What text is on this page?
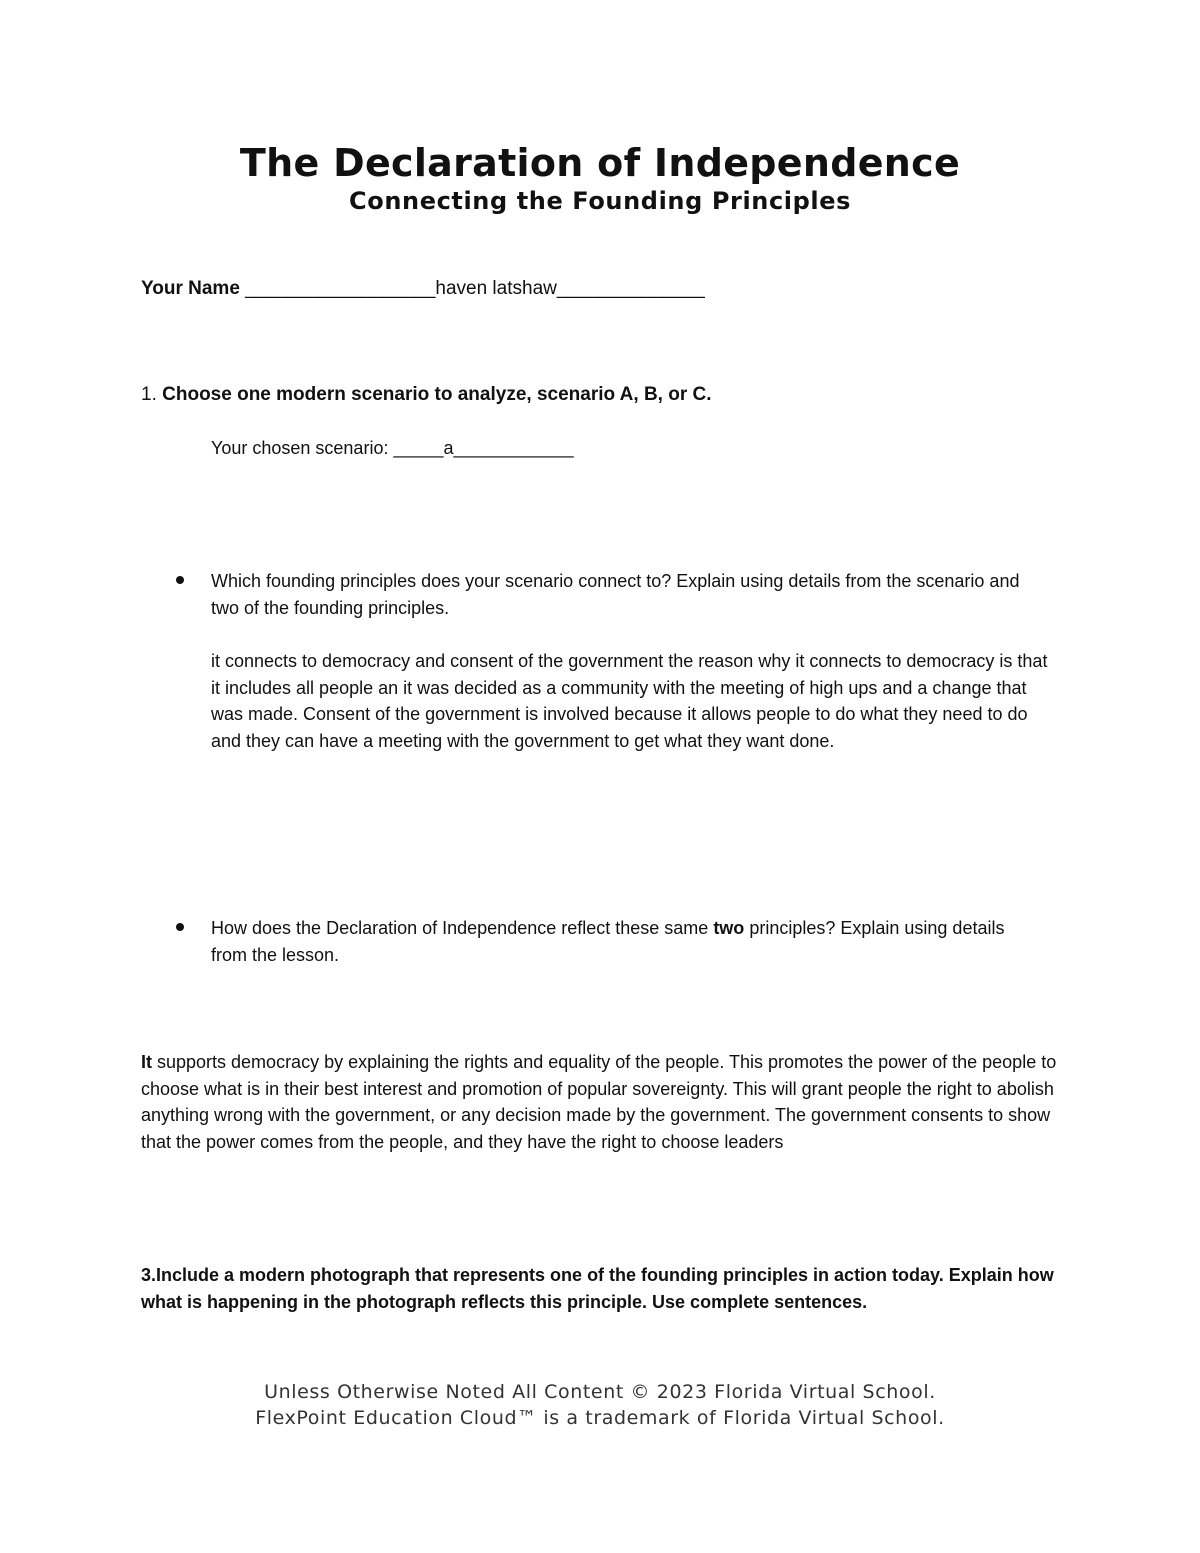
The Declaration of Independence
Connecting the Founding Principles
Your Name __________________haven latshaw______________
1. Choose one modern scenario to analyze, scenario A, B, or C.
Your chosen scenario: _____a____________
Which founding principles does your scenario connect to? Explain using details from the scenario and two of the founding principles.
it connects to democracy and consent of the government the reason why it connects to democracy is that it includes all people an it was decided as a community with the meeting of high ups and a change that was made. Consent of the government is involved because it allows people to do what they need to do and they can have a meeting with the government to get what they want done.
How does the Declaration of Independence reflect these same two principles? Explain using details from the lesson.
It supports democracy by explaining the rights and equality of the people. This promotes the power of the people to choose what is in their best interest and promotion of popular sovereignty. This will grant people the right to abolish anything wrong with the government, or any decision made by the government. The government consents to show that the power comes from the people, and they have the right to choose leaders
3.Include a modern photograph that represents one of the founding principles in action today. Explain how what is happening in the photograph reflects this principle. Use complete sentences.
Unless Otherwise Noted All Content © 2023 Florida Virtual School.
FlexPoint Education Cloud™ is a trademark of Florida Virtual School.
